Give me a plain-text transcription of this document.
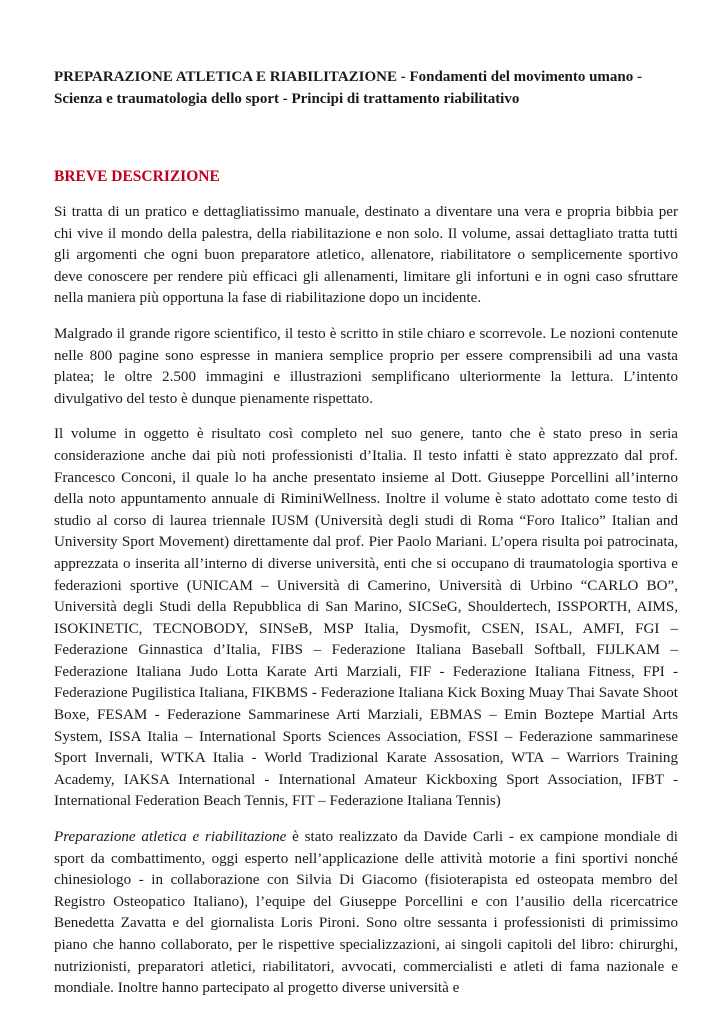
PREPARAZIONE ATLETICA E RIABILITAZIONE - Fondamenti del movimento umano - Scienza e traumatologia dello sport - Principi di trattamento riabilitativo
BREVE DESCRIZIONE

Si tratta di un pratico e dettagliatissimo manuale, destinato a diventare una vera e propria bibbia per chi vive il mondo della palestra, della riabilitazione e non solo. Il volume, assai dettagliato tratta tutti gli argomenti che ogni buon preparatore atletico, allenatore, riabilitatore o semplicemente sportivo deve conoscere per rendere più efficaci gli allenamenti, limitare gli infortuni e in ogni caso sfruttare nella maniera più opportuna la fase di riabilitazione dopo un incidente.

Malgrado il grande rigore scientifico, il testo è scritto in stile chiaro e scorrevole. Le nozioni contenute nelle 800 pagine sono espresse in maniera semplice proprio per essere comprensibili ad una vasta platea; le oltre 2.500 immagini e illustrazioni semplificano ulteriormente la lettura. L’intento divulgativo del testo è dunque pienamente rispettato.

Il volume in oggetto è risultato così completo nel suo genere, tanto che è stato preso in seria considerazione anche dai più noti professionisti d’Italia. Il testo infatti è stato apprezzato dal prof. Francesco Conconi, il quale lo ha anche presentato insieme al Dott. Giuseppe Porcellini all’interno della noto appuntamento annuale di RiminiWellness. Inoltre il volume è stato adottato come testo di studio al corso di laurea triennale IUSM (Università degli studi di Roma “Foro Italico” Italian and University Sport Movement) direttamente dal prof. Pier Paolo Mariani. L’opera risulta poi patrocinata, apprezzata o inserita all’interno di diverse università, enti che si occupano di traumatologia sportiva e federazioni sportive (UNICAM – Università di Camerino, Università di Urbino “CARLO BO”, Università degli Studi della Repubblica di San Marino, SICSeG, Shouldertech, ISSPORTH, AIMS, ISOKINETIC, TECNOBODY, SINSeB, MSP Italia, Dysmofit, CSEN, ISAL, AMFI, FGI – Federazione Ginnastica d’Italia, FIBS – Federazione Italiana Baseball Softball, FIJLKAM – Federazione Italiana Judo Lotta Karate Arti Marziali, FIF - Federazione Italiana Fitness, FPI - Federazione Pugilistica Italiana, FIKBMS - Federazione Italiana Kick Boxing Muay Thai Savate Shoot Boxe, FESAM - Federazione Sammarinese Arti Marziali, EBMAS – Emin Boztepe Martial Arts System, ISSA Italia – International Sports Sciences Association, FSSI – Federazione sammarinese Sport Invernali, WTKA Italia - World Tradizional Karate Assosation, WTA – Warriors Training Academy, IAKSA International - International Amateur Kickboxing Sport Association, IFBT - International Federation Beach Tennis, FIT – Federazione Italiana Tennis)

Preparazione atletica e riabilitazione è stato realizzato da Davide Carli - ex campione mondiale di sport da combattimento, oggi esperto nell’applicazione delle attività motorie a fini sportivi nonché chinesiologo - in collaborazione con Silvia Di Giacomo (fisioterapista ed osteopata membro del Registro Osteopatico Italiano), l’equipe del Giuseppe Porcellini e con l’ausilio della ricercatrice Benedetta Zavatta e del giornalista Loris Pironi. Sono oltre sessanta i professionisti di primissimo piano che hanno collaborato, per le rispettive specializzazioni, ai singoli capitoli del libro: chirurghi, nutrizionisti, preparatori atletici, riabilitatori, avvocati, commercialisti e atleti di fama nazionale e mondiale. Inoltre hanno partecipato al progetto diverse università e
